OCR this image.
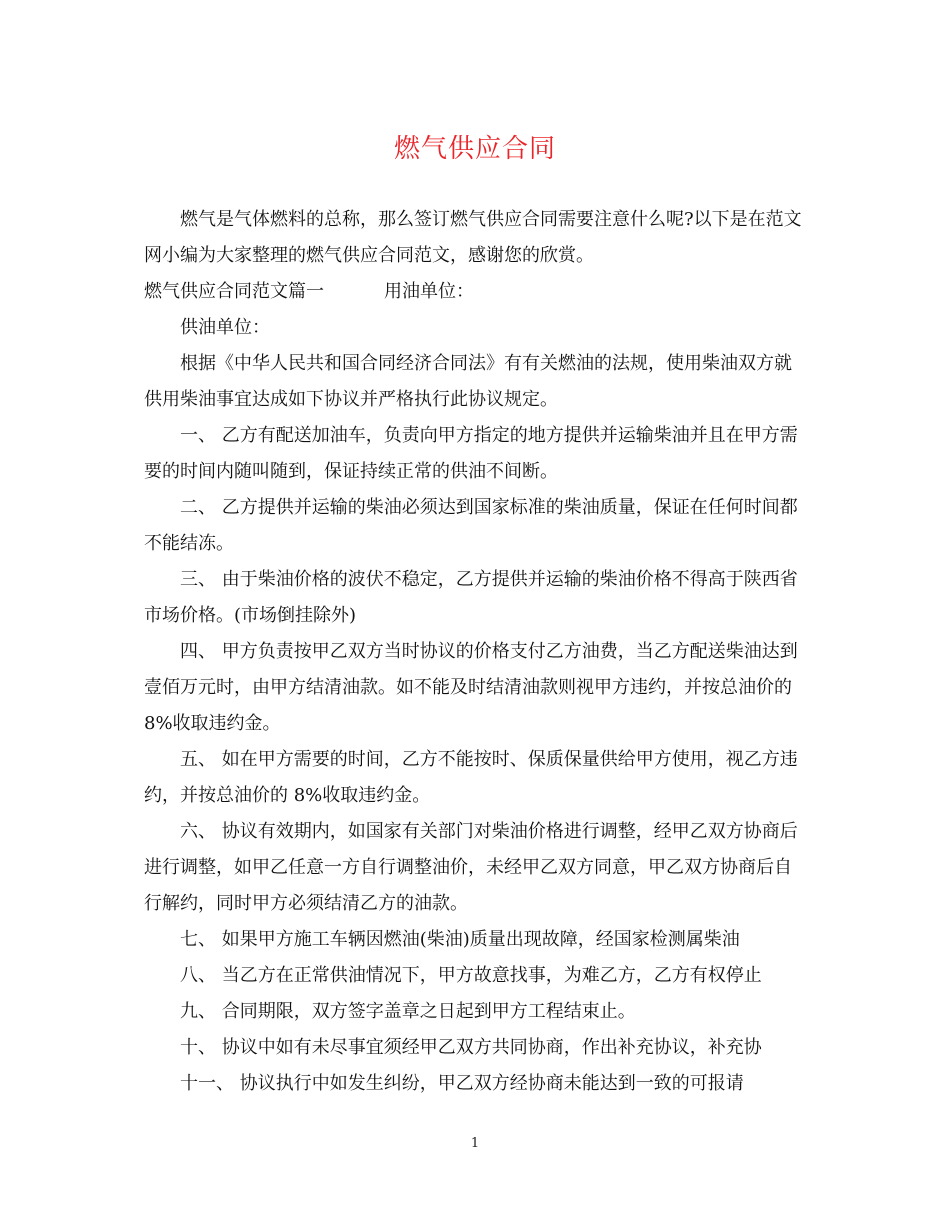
燃气供应合同

燃气是气体燃料的总称，那么签订燃气供应合同需要注意什么呢?以下是在范文网小编为大家整理的燃气供应合同范文，感谢您的欣赏。

燃气供应合同范文篇一	用油单位：

供油单位：

根据《中华人民共和国合同经济合同法》有有关燃油的法规，使用柴油双方就供用柴油事宜达成如下协议并严格执行此协议规定。

一、 乙方有配送加油车，负责向甲方指定的地方提供并运输柴油并且在甲方需要的时间内随叫随到，保证持续正常的供油不间断。

二、 乙方提供并运输的柴油必须达到国家标准的柴油质量，保证在任何时间都不能结冻。

三、 由于柴油价格的波伏不稳定，乙方提供并运输的柴油价格不得高于陕西省市场价格。(市场倒挂除外)

四、 甲方负责按甲乙双方当时协议的价格支付乙方油费，当乙方配送柴油达到壹佰万元时，由甲方结清油款。如不能及时结清油款则视甲方违约，并按总油价的 8%收取违约金。

五、 如在甲方需要的时间，乙方不能按时、保质保量供给甲方使用，视乙方违约，并按总油价的 8%收取违约金。

六、 协议有效期内，如国家有关部门对柴油价格进行调整，经甲乙双方协商后进行调整，如甲乙任意一方自行调整油价，未经甲乙双方同意，甲乙双方协商后自行解约，同时甲方必须结清乙方的油款。

七、 如果甲方施工车辆因燃油(柴油)质量出现故障，经国家检测属柴油

八、 当乙方在正常供油情况下，甲方故意找事，为难乙方，乙方有权停止

九、 合同期限，双方签字盖章之日起到甲方工程结束止。

十、 协议中如有未尽事宜须经甲乙双方共同协商，作出补充协议，补充协

十一、 协议执行中如发生纠纷，甲乙双方经协商未能达到一致的可报请

1
